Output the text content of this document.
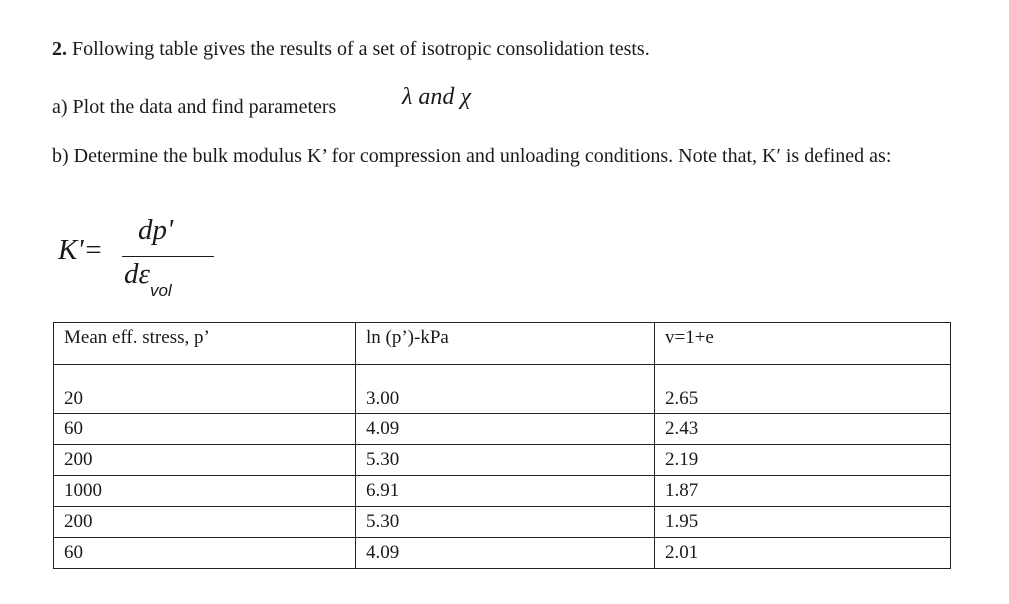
2. Following table gives the results of a set of isotropic consolidation tests.
a) Plot the data and find parameters	λ and χ
b) Determine the bulk modulus K’ for compression and unloading conditions. Note that, K′ is defined as:
K'=
dp'
$d\varepsilon_{vol}$
Mean eff. stress, p’	ln (p’)-kPa	v=1+e

20	3.00	2.65
60	4.09	2.43
200	5.30	2.19
1000	6.91	1.87
200	5.30	1.95
60	4.09	2.01
